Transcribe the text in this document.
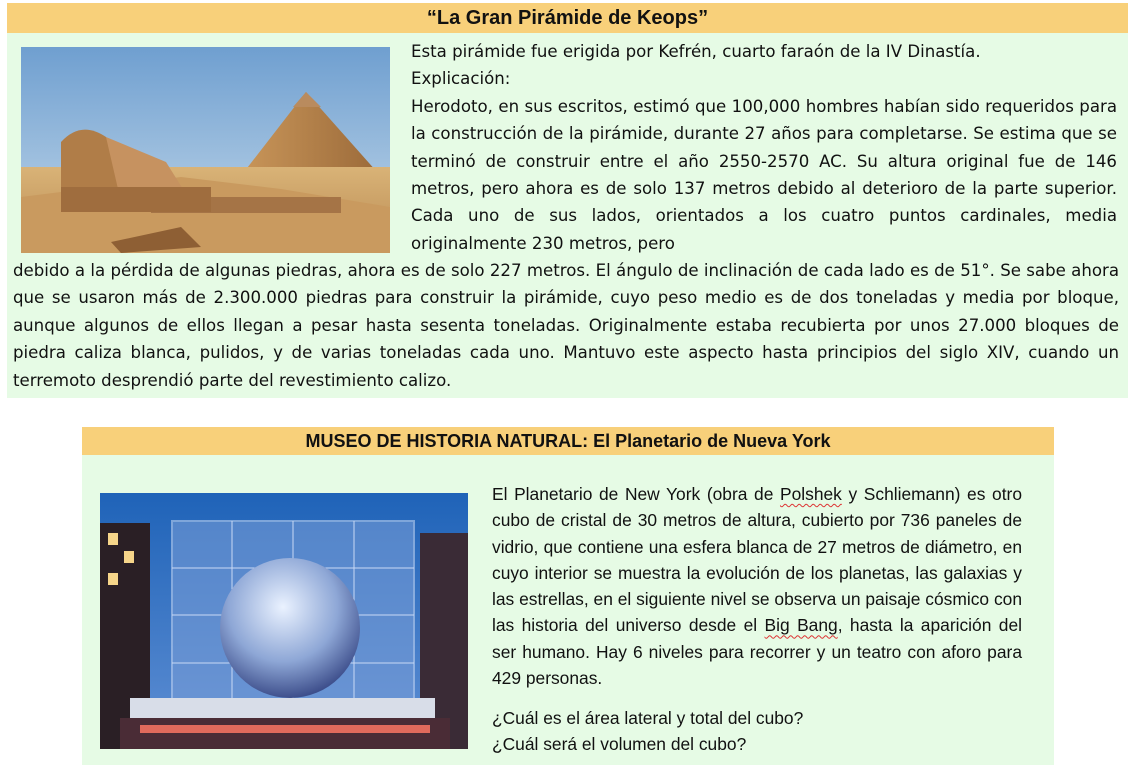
“La Gran Pirámide de Keops”

Esta pirámide fue erigida por Kefrén, cuarto faraón de la IV Dinastía.

Explicación:

Herodoto, en sus escritos, estimó que 100,000 hombres habían sido requeridos para la construcción de la pirámide, durante 27 años para completarse. Se estima que se terminó de construir entre el año 2550-2570 AC. Su altura original fue de 146 metros, pero ahora es de solo 137 metros debido al deterioro de la parte superior. Cada uno de sus lados, orientados a los cuatro puntos cardinales, media originalmente 230 metros, pero

debido a la pérdida de algunas piedras, ahora es de solo 227 metros. El ángulo de inclinación de cada lado es de 51°. Se sabe ahora que se usaron más de 2.300.000 piedras para construir la pirámide, cuyo peso medio es de dos toneladas y media por bloque, aunque algunos de ellos llegan a pesar hasta sesenta toneladas. Originalmente estaba recubierta por unos 27.000 bloques de piedra caliza blanca, pulidos, y de varias toneladas cada uno. Mantuvo este aspecto hasta principios del siglo XIV, cuando un terremoto desprendió parte del revestimiento calizo.

MUSEO DE HISTORIA NATURAL: El Planetario de Nueva York

El Planetario de New York (obra de Polshek y Schliemann) es otro cubo de cristal de 30 metros de altura, cubierto por 736 paneles de vidrio, que contiene una esfera blanca de 27 metros de diámetro, en cuyo interior se muestra la evolución de los planetas, las galaxias y las estrellas, en el siguiente nivel se observa un paisaje cósmico con las historia del universo desde el Big Bang, hasta la aparición del ser humano. Hay 6 niveles para recorrer y un teatro con aforo para 429 personas.

¿Cuál es el área lateral y total del cubo?
¿Cuál será el volumen del cubo?
